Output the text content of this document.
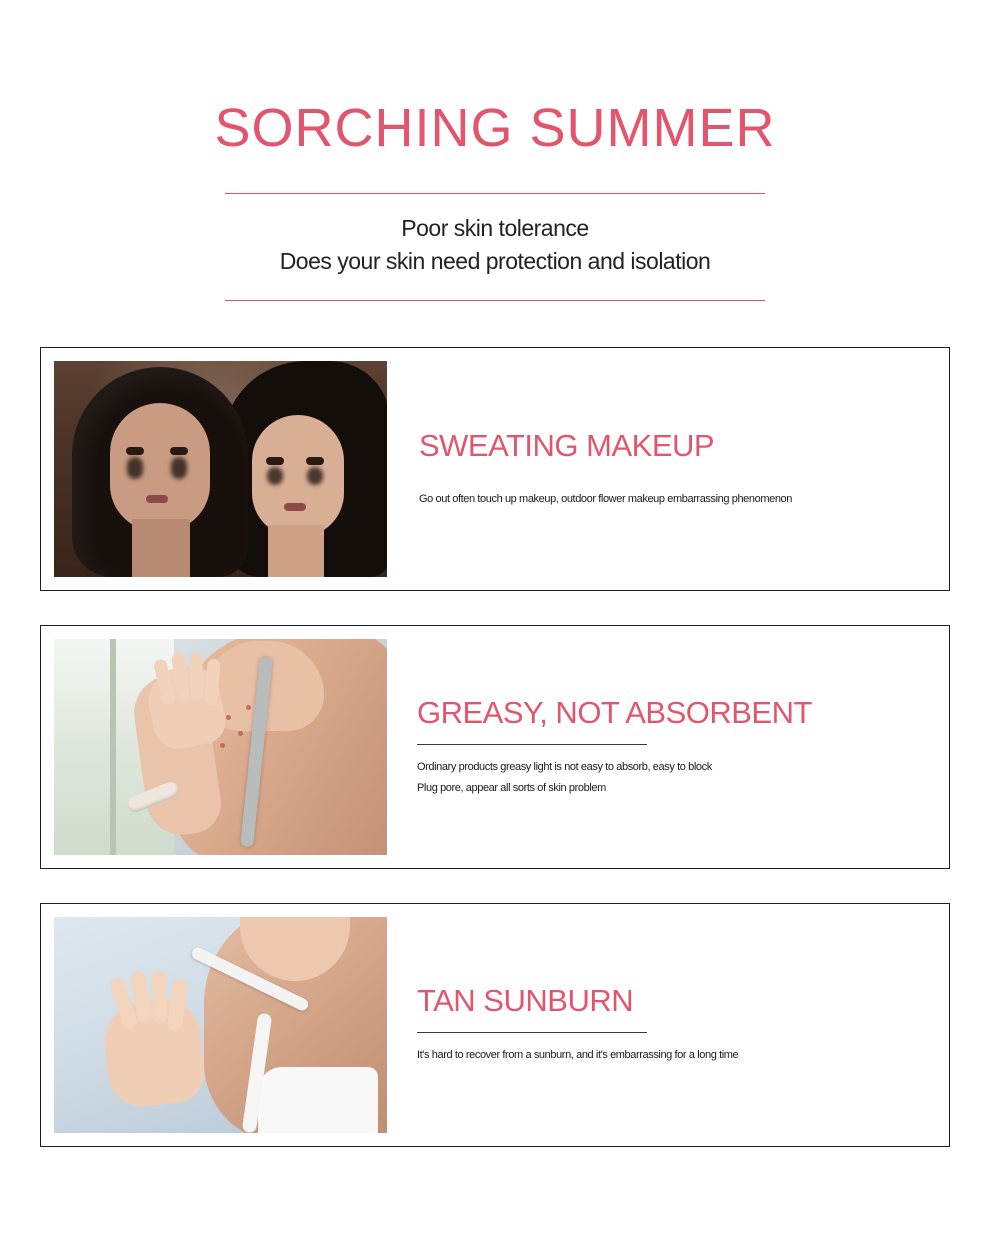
SORCHING SUMMER
Poor skin tolerance
Does your skin need protection and isolation
SWEATING MAKEUP

Go out often touch up makeup, outdoor flower makeup embarrassing phenomenon

GREASY, NOT ABSORBENT

Ordinary products greasy light is not easy to absorb, easy to block
Plug pore, appear all sorts of skin problem

TAN SUNBURN

It's hard to recover from a sunburn, and it's embarrassing for a long time
